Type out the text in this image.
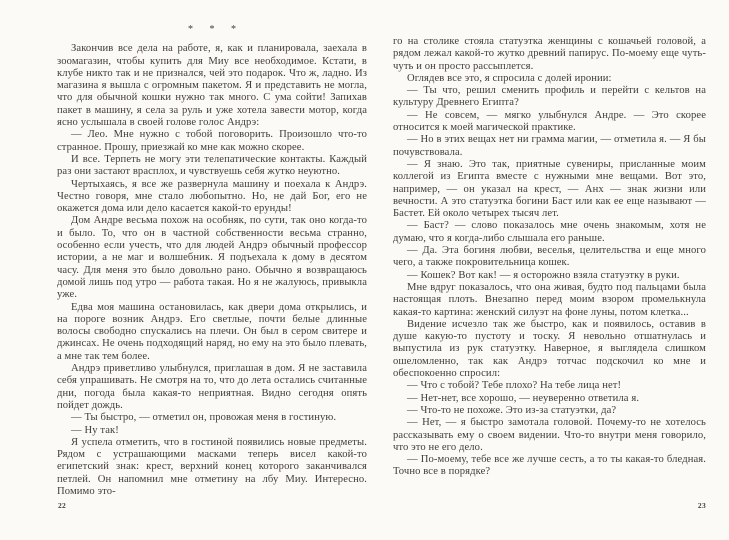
* * *

Закончив все дела на работе, я, как и планировала, заехала в зоомагазин, чтобы купить для Миу все необходимое. Кстати, в клубе никто так и не признался, чей это подарок. Что ж, ладно. Из магазина я вышла с огромным пакетом. Я и представить не могла, что для обычной кошки нужно так много. С ума сойти! Запихав пакет в машину, я села за руль и уже хотела завести мотор, когда ясно услышала в своей голове голос Андрэ:

— Лео. Мне нужно с тобой поговорить. Произошло что-то странное. Прошу, приезжай ко мне как можно скорее.

И все. Терпеть не могу эти телепатические контакты. Каждый раз они застают врасплох, и чувствуешь себя жутко неуютно.

Чертыхаясь, я все же развернула машину и поехала к Андрэ. Честно говоря, мне стало любопытно. Но, не дай Бог, его не окажется дома или дело касается какой-то ерунды!

Дом Андре весьма похож на особняк, по сути, так оно когда-то и было. То, что он в частной собственности весьма странно, особенно если учесть, что для людей Андрэ обычный профессор истории, а не маг и волшебник. Я подъехала к дому в десятом часу. Для меня это было довольно рано. Обычно я возвращаюсь домой лишь под утро — работа такая. Но я не жалуюсь, привыкла уже.

Едва моя машина остановилась, как двери дома открылись, и на пороге возник Андрэ. Его светлые, почти белые длинные волосы свободно спускались на плечи. Он был в сером свитере и джинсах. Не очень подходящий наряд, но ему на это было плевать, а мне так тем более.

Андрэ приветливо улыбнулся, приглашая в дом. Я не заставила себя упрашивать. Не смотря на то, что до лета остались считанные дни, погода была какая-то неприятная. Видно сегодня опять пойдет дождь.

— Ты быстро, — отметил он, провожая меня в гостиную.

— Ну так!

Я успела отметить, что в гостиной появились новые предметы. Рядом с устрашающими масками теперь висел какой-то египетский знак: крест, верхний конец которого заканчивался петлей. Он напомнил мне отметину на лбу Миу. Интересно. Помимо это-

го на столике стояла статуэтка женщины с кошачьей головой, а рядом лежал какой-то жутко древний папирус. По-моему еще чуть-чуть и он просто рассыплется.

Оглядев все это, я спросила с долей иронии:

— Ты что, решил сменить профиль и перейти с кельтов на культуру Древнего Египта?

— Не совсем, — мягко улыбнулся Андре. — Это скорее относится к моей магической практике.

— Но в этих вещах нет ни грамма магии, — отметила я. — Я бы почувствовала.

— Я знаю. Это так, приятные сувениры, присланные моим коллегой из Египта вместе с нужными мне вещами. Вот это, например, — он указал на крест, — Анх — знак жизни или вечности. А это статуэтка богини Баст или как ее еще называют — Бастет. Ей около четырех тысяч лет.

— Баст? — слово показалось мне очень знакомым, хотя не думаю, что я когда-либо слышала его раньше.

— Да. Эта богиня любви, веселья, целительства и еще много чего, а также покровительница кошек.

— Кошек? Вот как! — я осторожно взяла статуэтку в руки.

Мне вдруг показалось, что она живая, будто под пальцами была настоящая плоть. Внезапно перед моим взором промелькнула какая-то картина: женский силуэт на фоне луны, потом клетка...

Видение исчезло так же быстро, как и появилось, оставив в душе какую-то пустоту и тоску. Я невольно отшатнулась и выпустила из рук статуэтку. Наверное, я выглядела слишком ошеломленно, так как Андрэ тотчас подскочил ко мне и обеспокоенно спросил:

— Что с тобой? Тебе плохо? На тебе лица нет!

— Нет-нет, все хорошо, — неуверенно ответила я.

— Что-то не похоже. Это из-за статуэтки, да?

— Нет, — я быстро замотала головой. Почему-то не хотелось рассказывать ему о своем видении. Что-то внутри меня говорило, что это не его дело.

— По-моему, тебе все же лучше сесть, а то ты какая-то бледная. Точно все в порядке?

22	23
